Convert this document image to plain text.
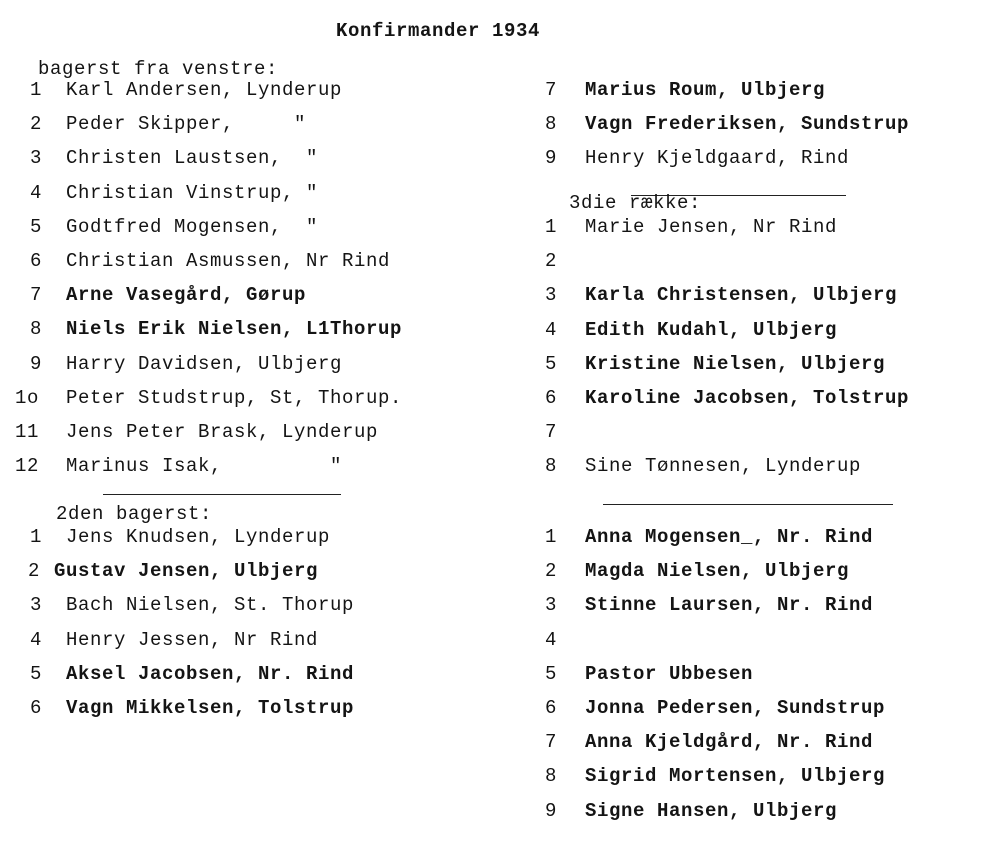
Konfirmander 1934
bagerst fra venstre:
1 Karl Andersen, Lynderup
2 Peder Skipper,     "
3 Christen Laustsen,  "
4 Christian Vinstrup, "
5 Godtfred Mogensen,  "
6 Christian Asmussen, Nr Rind
7 Arne Vasegård, Gørup
8 Niels Erik Nielsen, L1Thorup
9 Harry Davidsen, Ulbjerg
1o Peter Studstrup, St, Thorup.
11 Jens Peter Brask, Lynderup
12 Marinus Isak,         "
2den bagerst:
1 Jens Knudsen, Lynderup
2 Gustav Jensen, Ulbjerg
3 Bach Nielsen, St. Thorup
4 Henry Jessen, Nr Rind
5 Aksel Jacobsen, Nr. Rind
6 Vagn Mikkelsen, Tolstrup
7 Marius Roum, Ulbjerg
8 Vagn Frederiksen, Sundstrup
9 Henry Kjeldgaard, Rind
3die række:
1 Marie Jensen, Nr Rind
2
3 Karla Christensen, Ulbjerg
4 Edith Kudahl, Ulbjerg
5 Kristine Nielsen, Ulbjerg
6 Karoline Jacobsen, Tolstrup
7
8 Sine Tønnesen, Lynderup
1 Anna Mogensen_, Nr. Rind
2 Magda Nielsen, Ulbjerg
3 Stinne Laursen, Nr. Rind
4
5 Pastor Ubbesen
6 Jonna Pedersen, Sundstrup
7 Anna Kjeldgård, Nr. Rind
8 Sigrid Mortensen, Ulbjerg
9 Signe Hansen, Ulbjerg
